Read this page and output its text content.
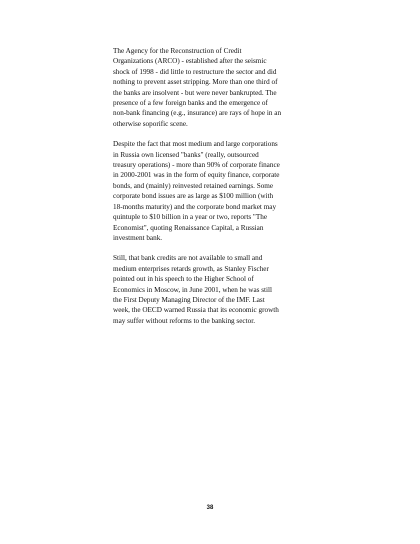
The Agency for the Reconstruction of Credit
Organizations (ARCO) - established after the seismic
shock of 1998 - did little to restructure the sector and did
nothing to prevent asset stripping. More than one third of
the banks are insolvent - but were never bankrupted. The
presence of a few foreign banks and the emergence of
non-bank financing (e.g., insurance) are rays of hope in an
otherwise soporific scene.

Despite the fact that most medium and large corporations
in Russia own licensed "banks" (really, outsourced
treasury operations) - more than 90% of corporate finance
in 2000-2001 was in the form of equity finance, corporate
bonds, and (mainly) reinvested retained earnings. Some
corporate bond issues are as large as $100 million (with
18-months maturity) and the corporate bond market may
quintuple to $10 billion in a year or two, reports "The
Economist", quoting Renaissance Capital, a Russian
investment bank.

Still, that bank credits are not available to small and
medium enterprises retards growth, as Stanley Fischer
pointed out in his speech to the Higher School of
Economics in Moscow, in June 2001, when he was still
the First Deputy Managing Director of the IMF. Last
week, the OECD warned Russia that its economic growth
may suffer without reforms to the banking sector.

38
